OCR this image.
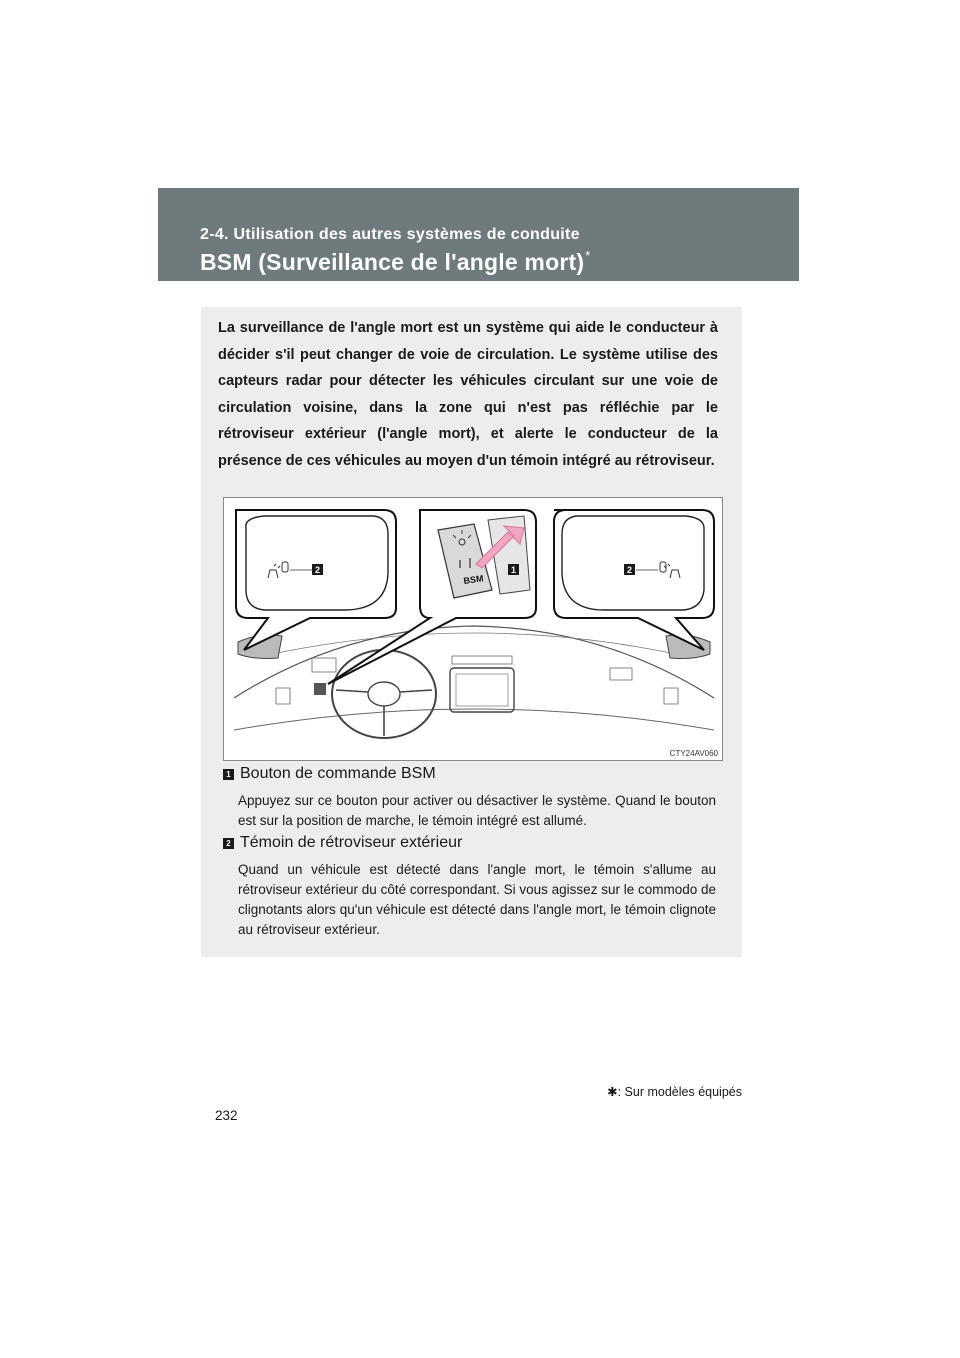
2-4. Utilisation des autres systèmes de conduite
BSM (Surveillance de l'angle mort)*

La surveillance de l'angle mort est un système qui aide le conducteur à décider s'il peut changer de voie de circulation. Le système utilise des capteurs radar pour détecter les véhicules circulant sur une voie de circulation voisine, dans la zone qui n'est pas réfléchie par le rétroviseur extérieur (l'angle mort), et alerte le conducteur de la présence de ces véhicules au moyen d'un témoin intégré au rétroviseur.

BSM
2	1	2
CTY24AV060
1 Bouton de commande BSM
Appuyez sur ce bouton pour activer ou désactiver le système. Quand le bouton est sur la position de marche, le témoin intégré est allumé.
2 Témoin de rétroviseur extérieur
Quand un véhicule est détecté dans l'angle mort, le témoin s'allume au rétroviseur extérieur du côté correspondant. Si vous agissez sur le commodo de clignotants alors qu'un véhicule est détecté dans l'angle mort, le témoin clignote au rétroviseur extérieur.
✱: Sur modèles équipés
232
